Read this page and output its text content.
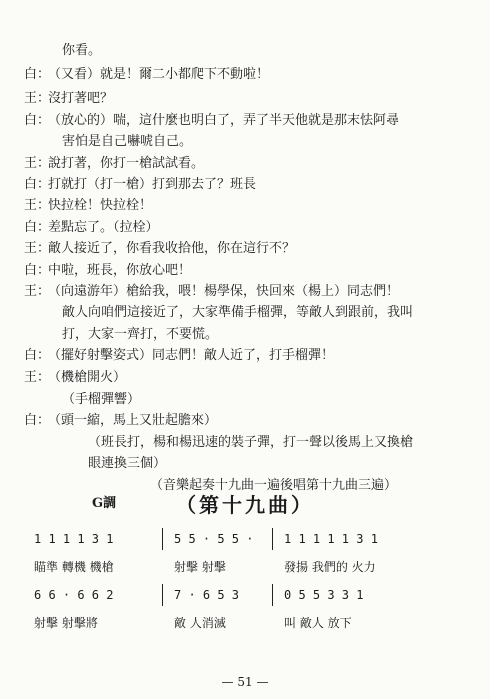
你看。
白：
（又看）就是！爾二小都爬下不動啦！
王：
沒打著吧？
白：
（放心的）喘，這什麼也明白了，弄了半天他就是那末怯阿尋
害怕是自己嚇唬自己。
王：
說打著，你打一槍試試看。
白：
打就打（打一槍）打到那去了？班長
王：
快拉栓！快拉栓！
白：
差點忘了。（拉栓）
王：
敵人接近了，你看我收拾他，你在這行不？
白：
中啦，班長，你放心吧！
王：
（向遠游年）槍給我，喂！楊學保，快回來（楊上）同志們！
敵人向咱們這接近了，大家準備手榴彈，等敵人到跟前，我叫
打，大家一齊打，不要慌。
白：
（擺好射擊姿式）同志們！敵人近了，打手榴彈！
王：
（機槍開火）
（手榴彈響）
白：
（頭一縮，馬上又壯起膽來）
（班長打，楊和楊迅速的裝子彈，打一聲以後馬上又換槍
眼連換三個）
（音樂起奏十九曲一遍後唱第十九曲三遍）
G調	（第十九曲）
1 1 1 1 3 1	5 5 · 5 5 ·	1 1 1 1 1 3 1
瞄準 轉機 機槍	射擊 射擊	發揚 我們的 火力
6 6 · 6 6 2	7 · 6 5 3	0 5 5 3 3 1
射擊 射擊將	敵 人消滅	叫 敵人 放下
— 51 —
